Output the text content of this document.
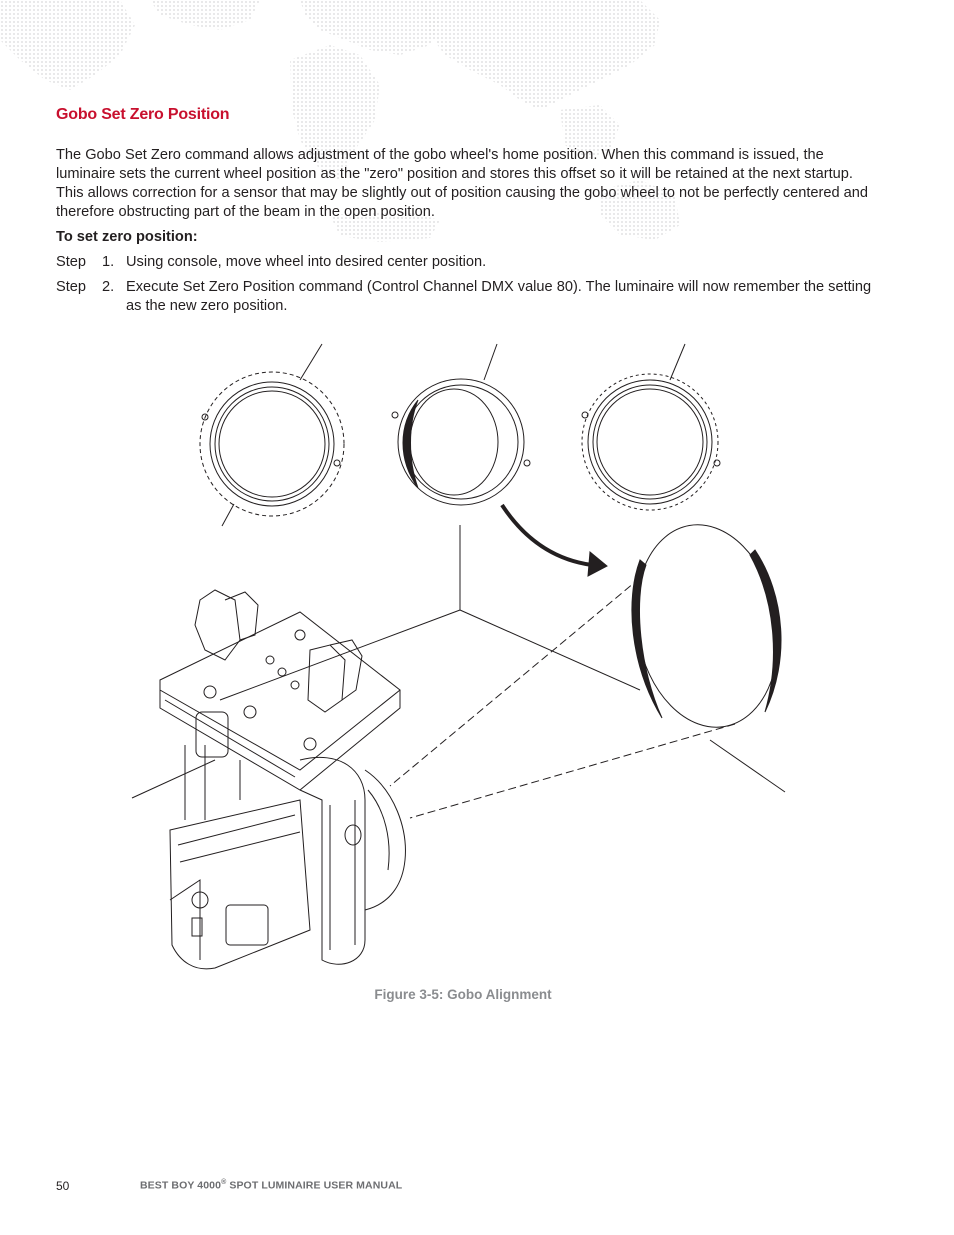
Gobo Set Zero Position

The Gobo Set Zero command allows adjustment of the gobo wheel's home position. When this command is issued, the luminaire sets the current wheel position as the "zero" position and stores this offset so it will be retained at the next startup. This allows correction for a sensor that may be slightly out of position causing the gobo wheel to not be perfectly centered and therefore obstructing part of the beam in the open position.

To set zero position:

Step 1. Using console, move wheel into desired center position.
Step 2. Execute Set Zero Position command (Control Channel DMX value 80). The luminaire will now remember the setting as the new zero position.
Figure 3-5: Gobo Alignment
50	BEST BOY 4000® SPOT LUMINAIRE USER MANUAL
